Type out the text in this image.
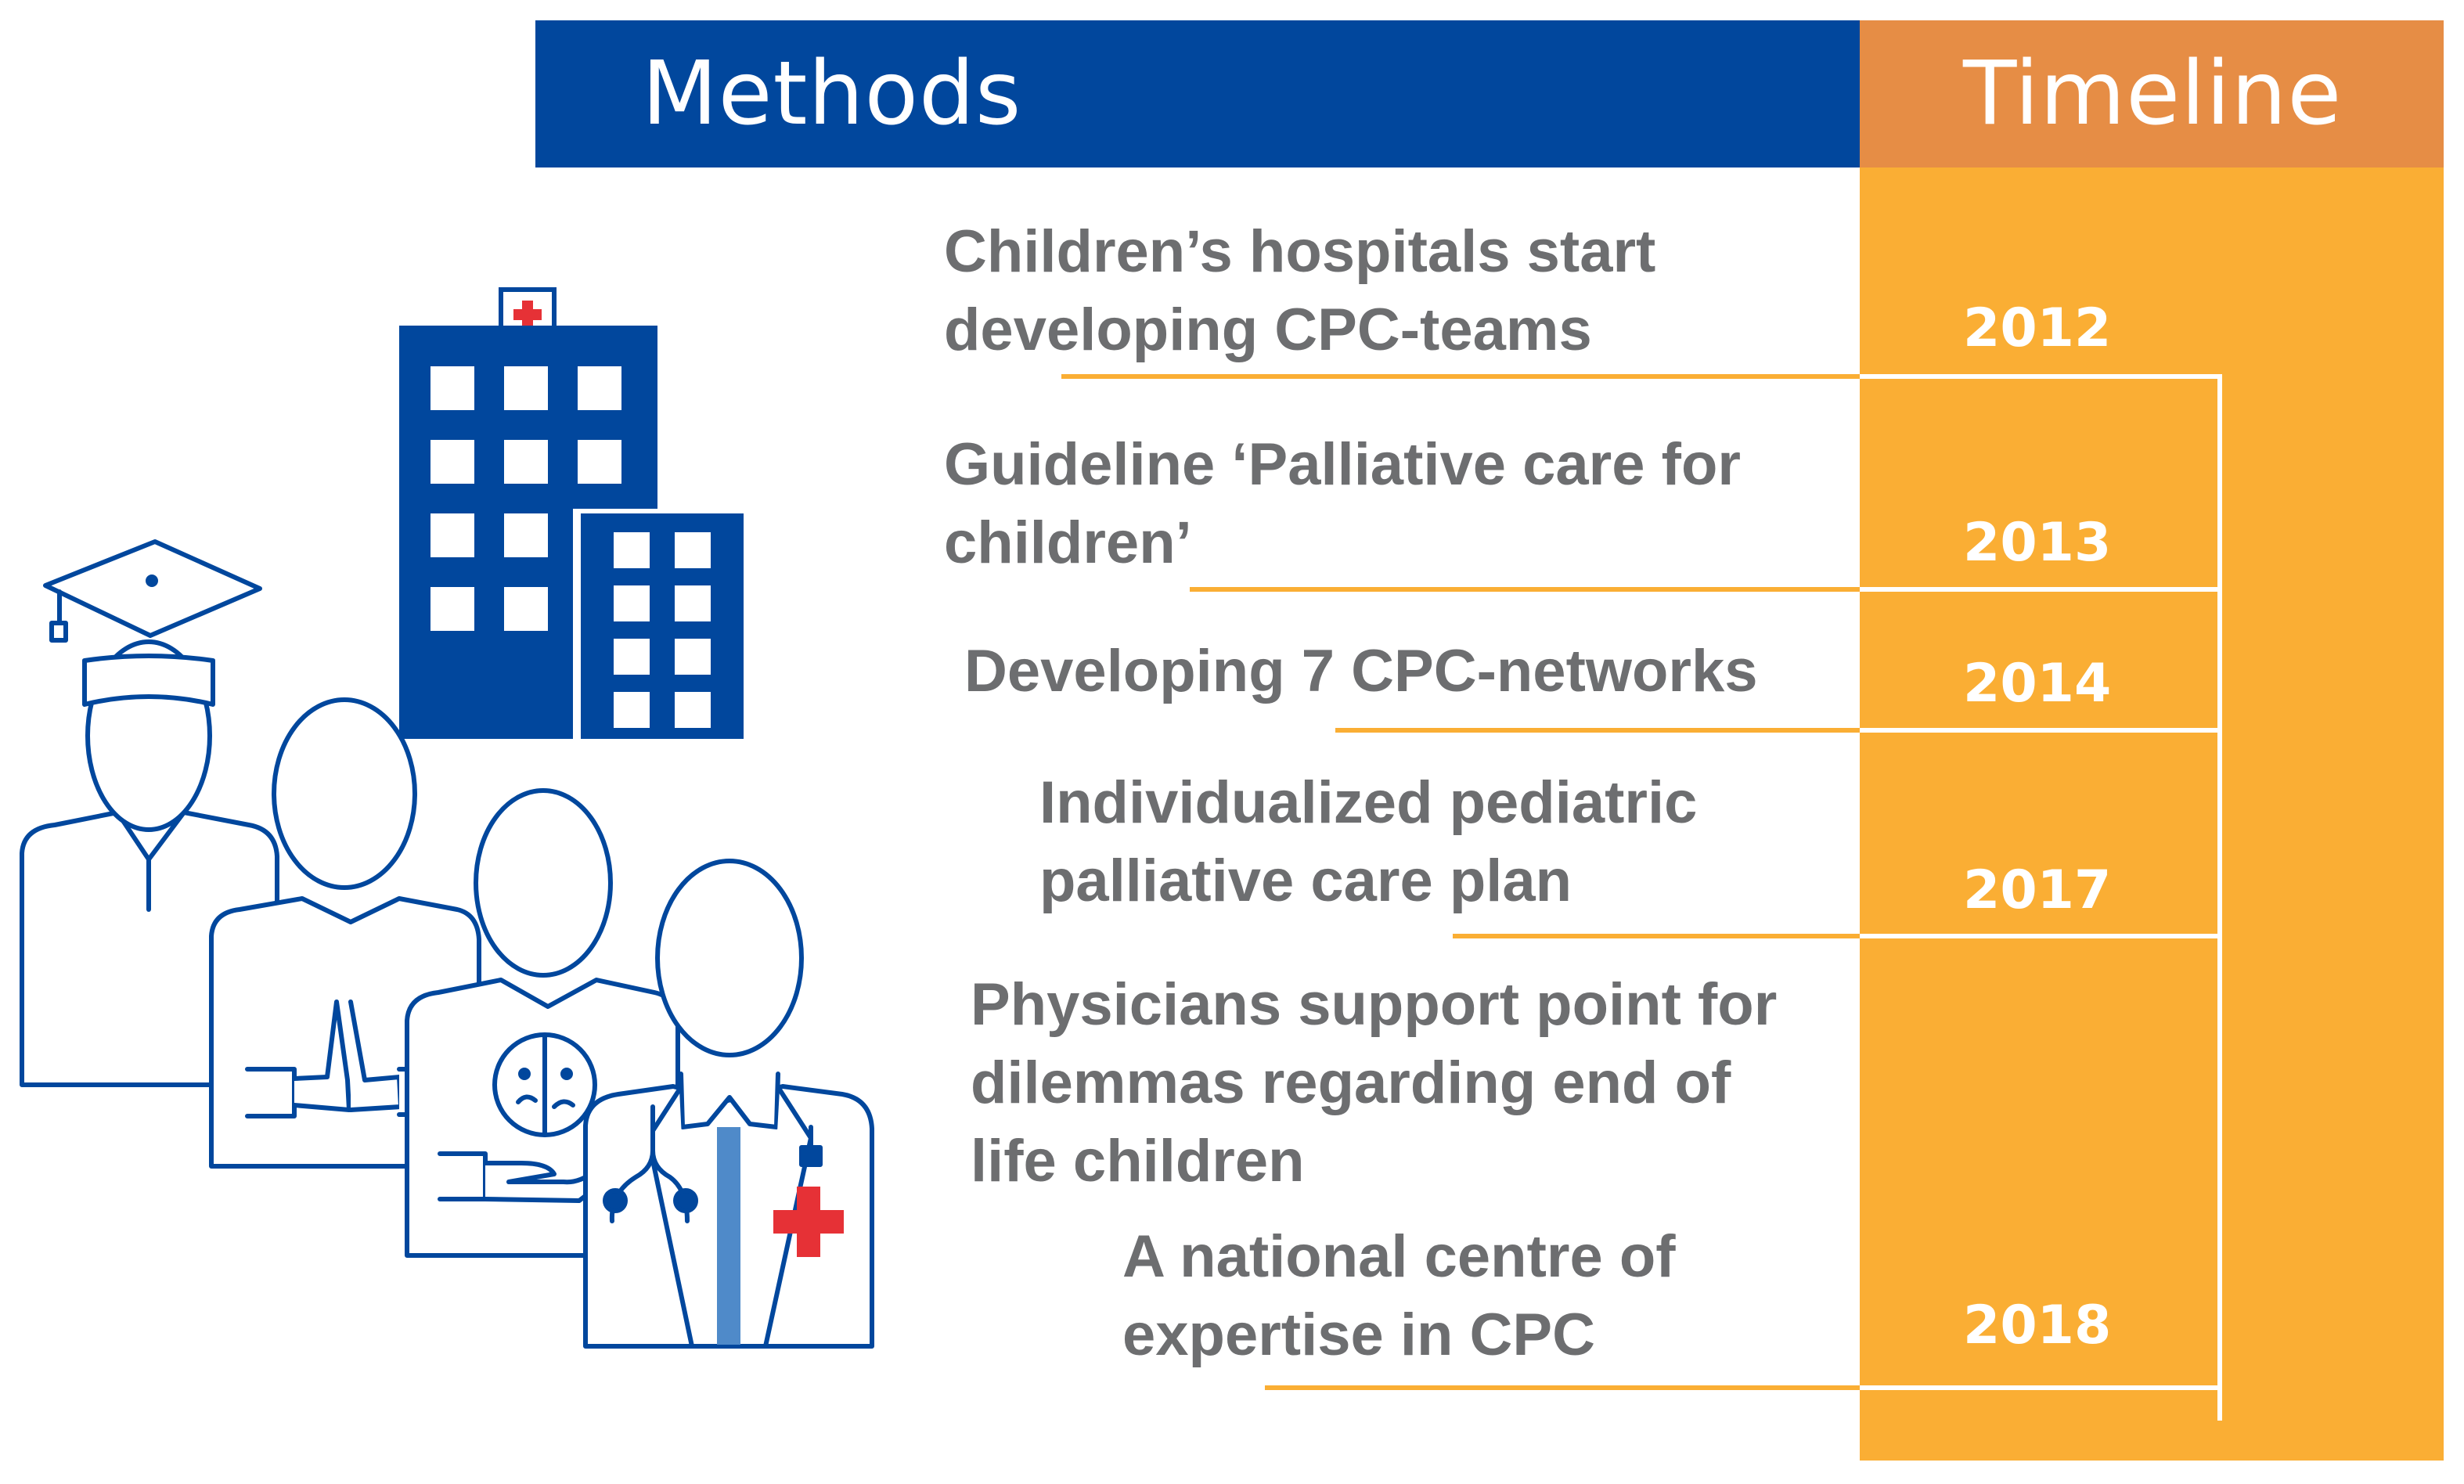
Methods	Timeline
Children’s hospitals start
developing CPC-teams
Guideline ‘Palliative care for
children’
Developing 7 CPC-networks
Individualized pediatric
palliative care plan
Physicians support point for
dilemmas regarding end of
life children
A national centre of
expertise in CPC
2012
2013
2014
2017
2018
